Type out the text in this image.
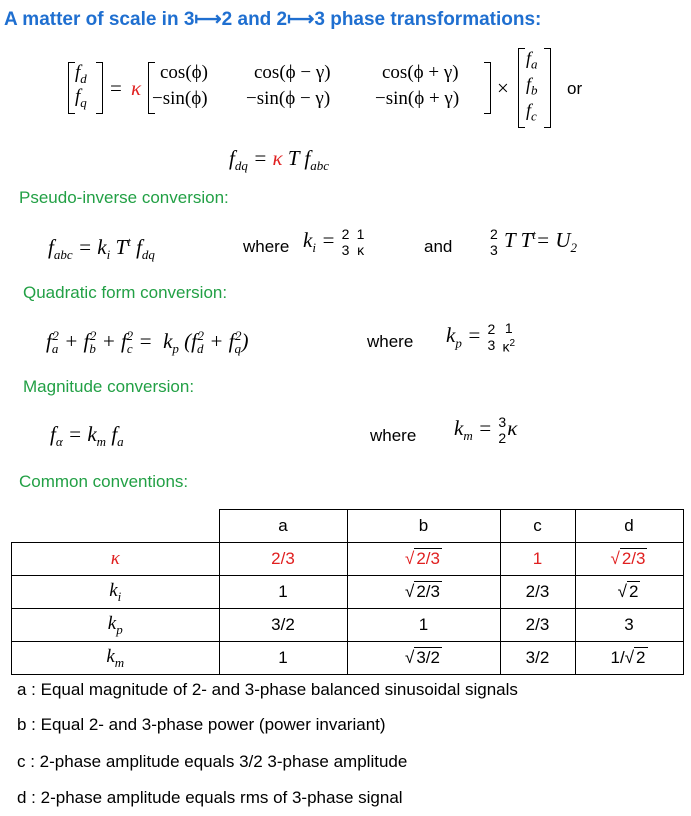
A matter of scale in 3⟼2 and 2⟼3 phase transformations:
$f_d$
$f_q$
= κ
cos(ϕ) cos(ϕ − γ)	cos(ϕ + γ)
−sin(ϕ) −sin(ϕ − γ) −sin(ϕ + γ) ×
$f_a$
$f_b$
$f_c$
or
$f_{dq} = \kappa$ T $f_{abc}$
Pseudo-inverse conversion:
$f_{abc} = k_i$ $T^t$ $f_{dq}$	where $k_i = 2$
3

1
κ	and
2
3 T $T^t= U_2$
Quadratic form conversion:
$f_a^2 + f_b^2 + f_c^2 = k_p$ $(f_d^2 + f_q^2)$	where $k_p = 2$
3

1
$\kappa^2$
Magnitude conversion:
$f_\alpha = k_m$ $f_a$	where $k_m = 3$
2 κ
Common conventions:
	a	b	c	d
κ	2/3	√ 2/3	1	√ 2/3
$k_i$	1	√ 2/3	2/3	√ 2
$k_p$	3/2	1	2/3	3
$k_m$	1	√ 3/2	3/2	1/√ 2
a : Equal magnitude of 2- and 3-phase balanced sinusoidal signals
b : Equal 2- and 3-phase power (power invariant)
c : 2-phase amplitude equals 3/2 3-phase amplitude
d : 2-phase amplitude equals rms of 3-phase signal
